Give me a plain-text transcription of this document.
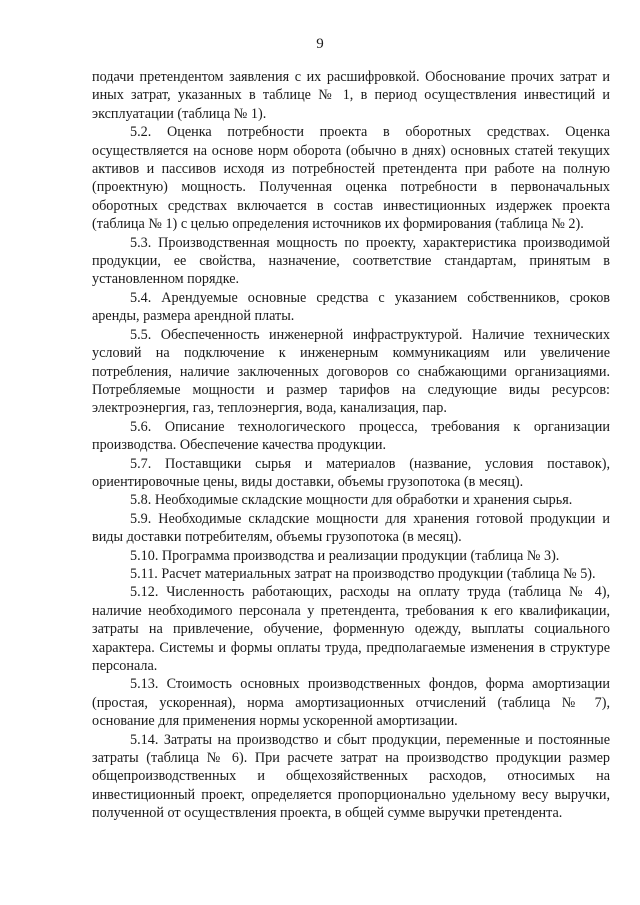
9

подачи претендентом заявления с их расшифровкой. Обоснование прочих затрат и иных затрат, указанных в таблице № 1, в период осуществления инвестиций и эксплуатации (таблица № 1).

5.2. Оценка потребности проекта в оборотных средствах. Оценка осуществляется на основе норм оборота (обычно в днях) основных статей текущих активов и пассивов исходя из потребностей претендента при работе на полную (проектную) мощность. Полученная оценка потребности в первоначальных оборотных средствах включается в состав инвестиционных издержек проекта (таблица № 1) с целью определения источников их формирования (таблица № 2).

5.3. Производственная мощность по проекту, характеристика производимой продукции, ее свойства, назначение, соответствие стандартам, принятым в установленном порядке.

5.4. Арендуемые основные средства с указанием собственников, сроков аренды, размера арендной платы.

5.5. Обеспеченность инженерной инфраструктурой. Наличие технических условий на подключение к инженерным коммуникациям или увеличение потребления, наличие заключенных договоров со снабжающими организациями. Потребляемые мощности и размер тарифов на следующие виды ресурсов: электроэнергия, газ, теплоэнергия, вода, канализация, пар.

5.6. Описание технологического процесса, требования к организации производства. Обеспечение качества продукции.

5.7. Поставщики сырья и материалов (название, условия поставок), ориентировочные цены, виды доставки, объемы грузопотока (в месяц).

5.8. Необходимые складские мощности для обработки и хранения сырья.

5.9. Необходимые складские мощности для хранения готовой продукции и виды доставки потребителям, объемы грузопотока (в месяц).

5.10. Программа производства и реализации продукции (таблица № 3).

5.11. Расчет материальных затрат на производство продукции (таблица № 5).

5.12. Численность работающих, расходы на оплату труда (таблица № 4), наличие необходимого персонала у претендента, требования к его квалификации, затраты на привлечение, обучение, форменную одежду, выплаты социального характера. Системы и формы оплаты труда, предполагаемые изменения в структуре персонала.

5.13. Стоимость основных производственных фондов, форма амортизации (простая, ускоренная), норма амортизационных отчислений (таблица № 7), основание для применения нормы ускоренной амортизации.

5.14. Затраты на производство и сбыт продукции, переменные и постоянные затраты (таблица № 6). При расчете затрат на производство продукции размер общепроизводственных и общехозяйственных расходов, относимых на инвестиционный проект, определяется пропорционально удельному весу выручки, полученной от осуществления проекта, в общей сумме выручки претендента.
